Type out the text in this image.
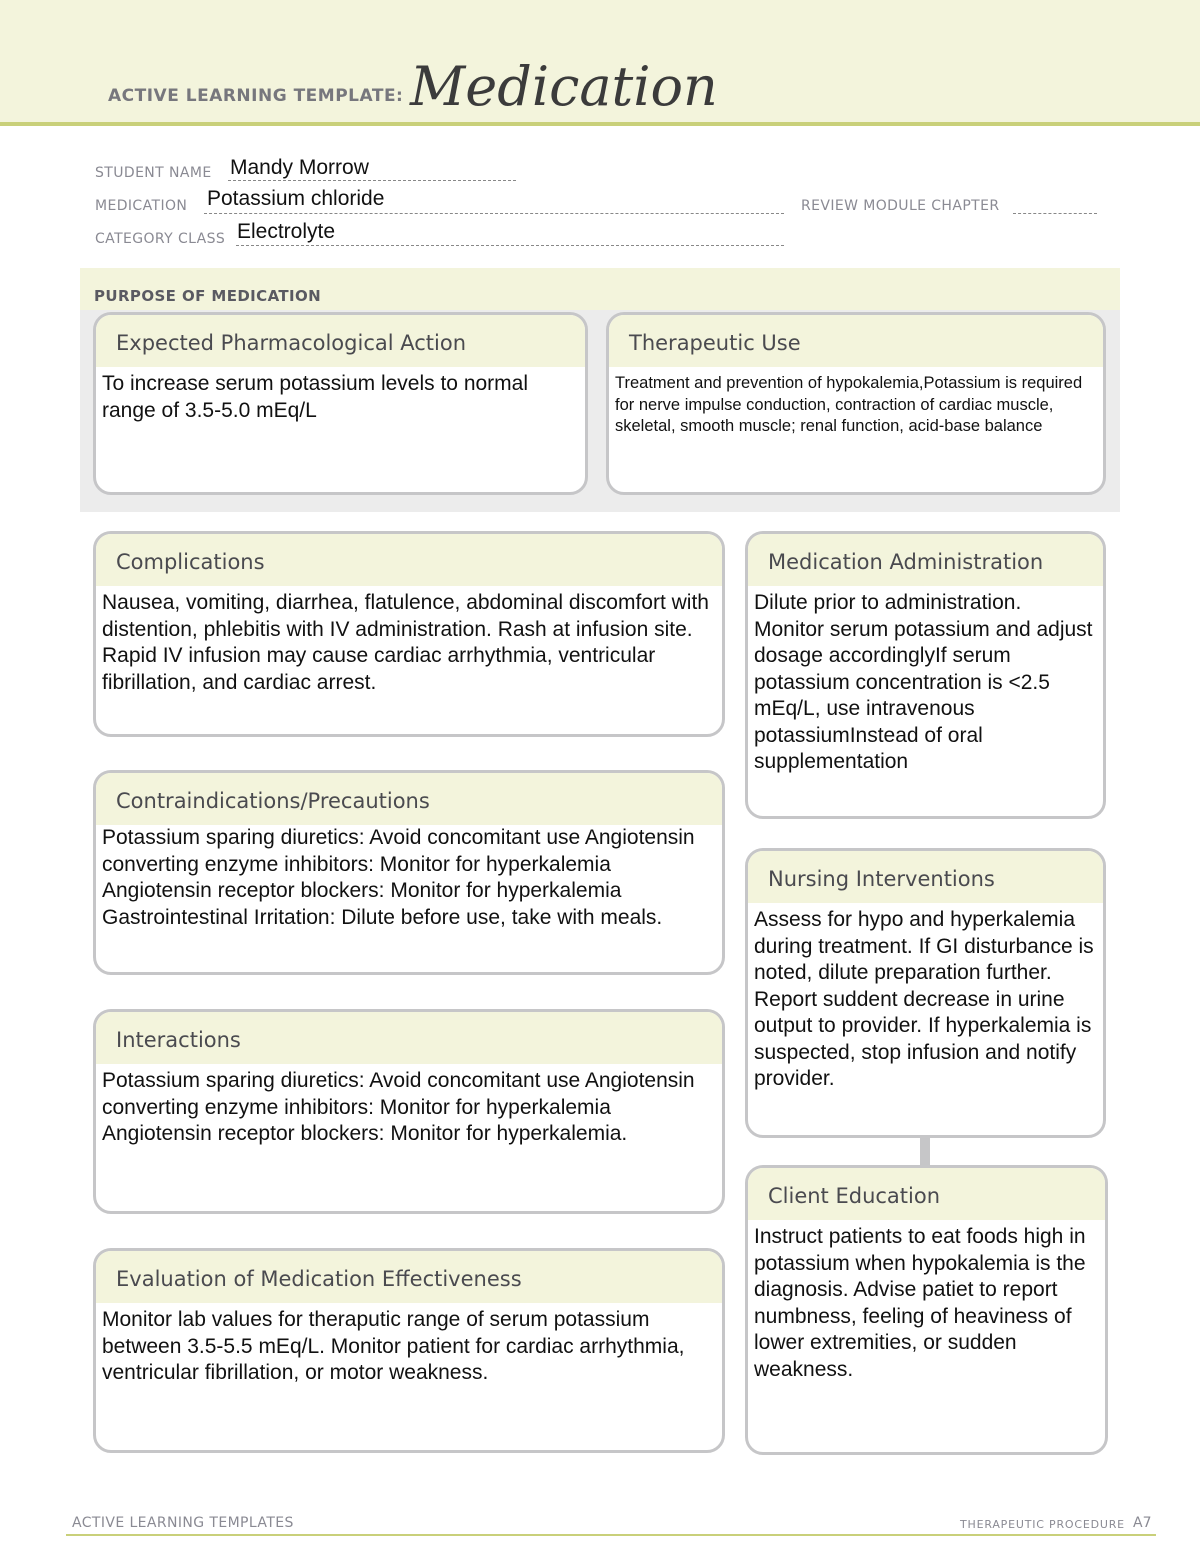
ACTIVE LEARNING TEMPLATE: Medication
STUDENT NAME Mandy Morrow
MEDICATION Potassium chloride	REVIEW MODULE CHAPTER
CATEGORY CLASS Electrolyte
PURPOSE OF MEDICATION
Expected Pharmacological Action
To increase serum potassium levels to normal range of 3.5-5.0 mEq/L
Therapeutic Use
Treatment and prevention of hypokalemia,Potassium is required for nerve impulse conduction, contraction of cardiac muscle, skeletal, smooth muscle; renal function, acid-base balance
Complications
Nausea, vomiting, diarrhea, flatulence, abdominal discomfort with distention, phlebitis with IV administration. Rash at infusion site. Rapid IV infusion may cause cardiac arrhythmia, ventricular fibrillation, and cardiac arrest.
Contraindications/Precautions
Potassium sparing diuretics: Avoid concomitant use Angiotensin converting enzyme inhibitors: Monitor for hyperkalemia Angiotensin receptor blockers: Monitor for hyperkalemia Gastrointestinal Irritation: Dilute before use, take with meals.
Interactions
Potassium sparing diuretics: Avoid concomitant use Angiotensin converting enzyme inhibitors: Monitor for hyperkalemia Angiotensin receptor blockers: Monitor for hyperkalemia.
Evaluation of Medication Effectiveness
Monitor lab values for theraputic range of serum potassium between 3.5-5.5 mEq/L. Monitor patient for cardiac arrhythmia, ventricular fibrillation, or motor weakness.
Medication Administration
Dilute prior to administration. Monitor serum potassium and adjust dosage accordinglyIf serum potassium concentration is <2.5 mEq/L, use intravenous potassiumInstead of oral supplementation
Nursing Interventions
Assess for hypo and hyperkalemia during treatment. If GI disturbance is noted, dilute preparation further. Report suddent decrease in urine output to provider. If hyperkalemia is suspected, stop infusion and notify provider.
Client Education
Instruct patients to eat foods high in potassium when hypokalemia is the diagnosis. Advise patiet to report numbness, feeling of heaviness of lower extremities, or sudden weakness.
ACTIVE LEARNING TEMPLATES	THERAPEUTIC PROCEDURE A7
